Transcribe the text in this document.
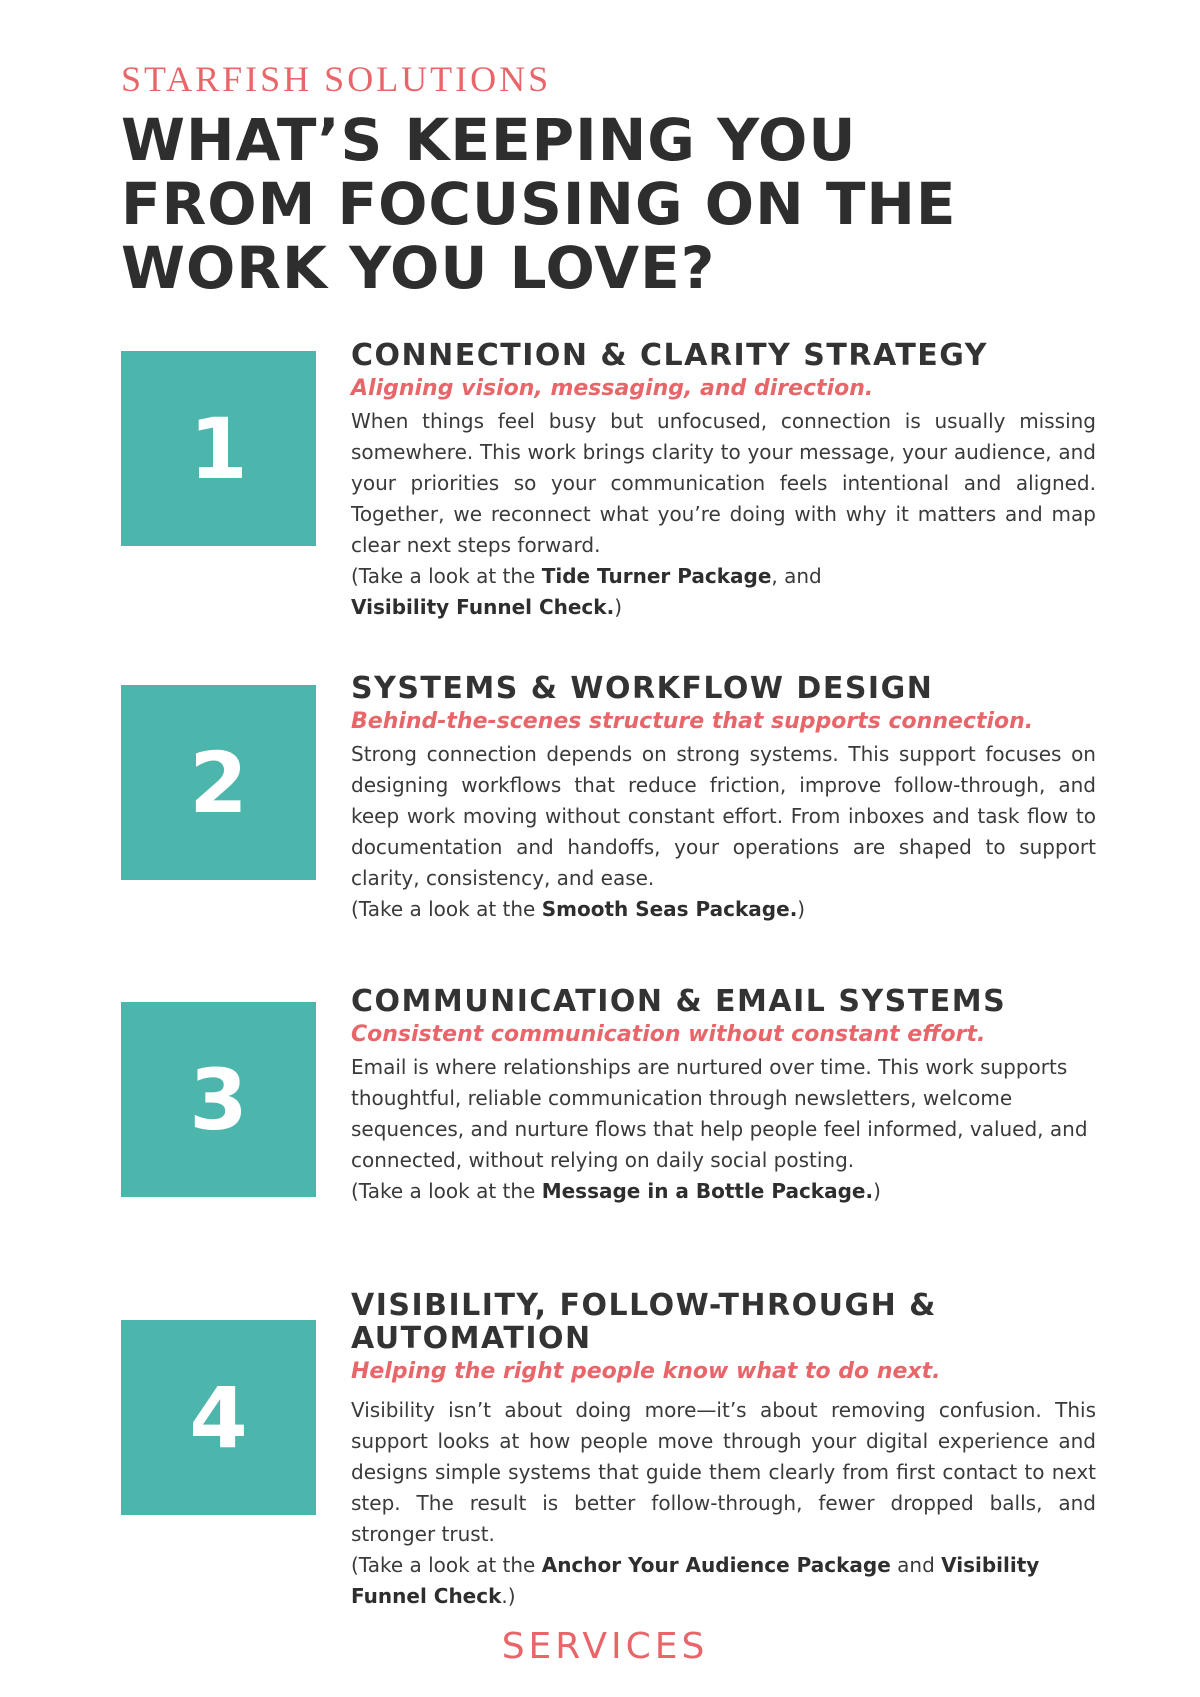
STARFISH SOLUTIONS
WHAT’S KEEPING YOU
FROM FOCUSING ON THE
WORK YOU LOVE?
1
CONNECTION & CLARITY STRATEGY

Aligning vision, messaging, and direction.

When things feel busy but unfocused, connection is usually missing somewhere. This work brings clarity to your message, your audience, and your priorities so your communication feels intentional and aligned. Together, we reconnect what you’re doing with why it matters and map clear next steps forward.

(Take a look at the Tide Turner Package, and
Visibility Funnel Check.)

2
SYSTEMS & WORKFLOW DESIGN

Behind-the-scenes structure that supports connection.

Strong connection depends on strong systems. This support focuses on designing workflows that reduce friction, improve follow-through, and keep work moving without constant effort. From inboxes and task flow to documentation and handoffs, your operations are shaped to support clarity, consistency, and ease.

(Take a look at the Smooth Seas Package.)

3
COMMUNICATION & EMAIL SYSTEMS

Consistent communication without constant effort.

Email is where relationships are nurtured over time. This work supports thoughtful, reliable communication through newsletters, welcome sequences, and nurture flows that help people feel informed, valued, and connected, without relying on daily social posting.

(Take a look at the Message in a Bottle Package.)

4
VISIBILITY, FOLLOW-THROUGH & AUTOMATION

Helping the right people know what to do next.

Visibility isn’t about doing more—it’s about removing confusion. This support looks at how people move through your digital experience and designs simple systems that guide them clearly from first contact to next step. The result is better follow-through, fewer dropped balls, and stronger trust.

(Take a look at the Anchor Your Audience Package and Visibility Funnel Check.)

SERVICES
